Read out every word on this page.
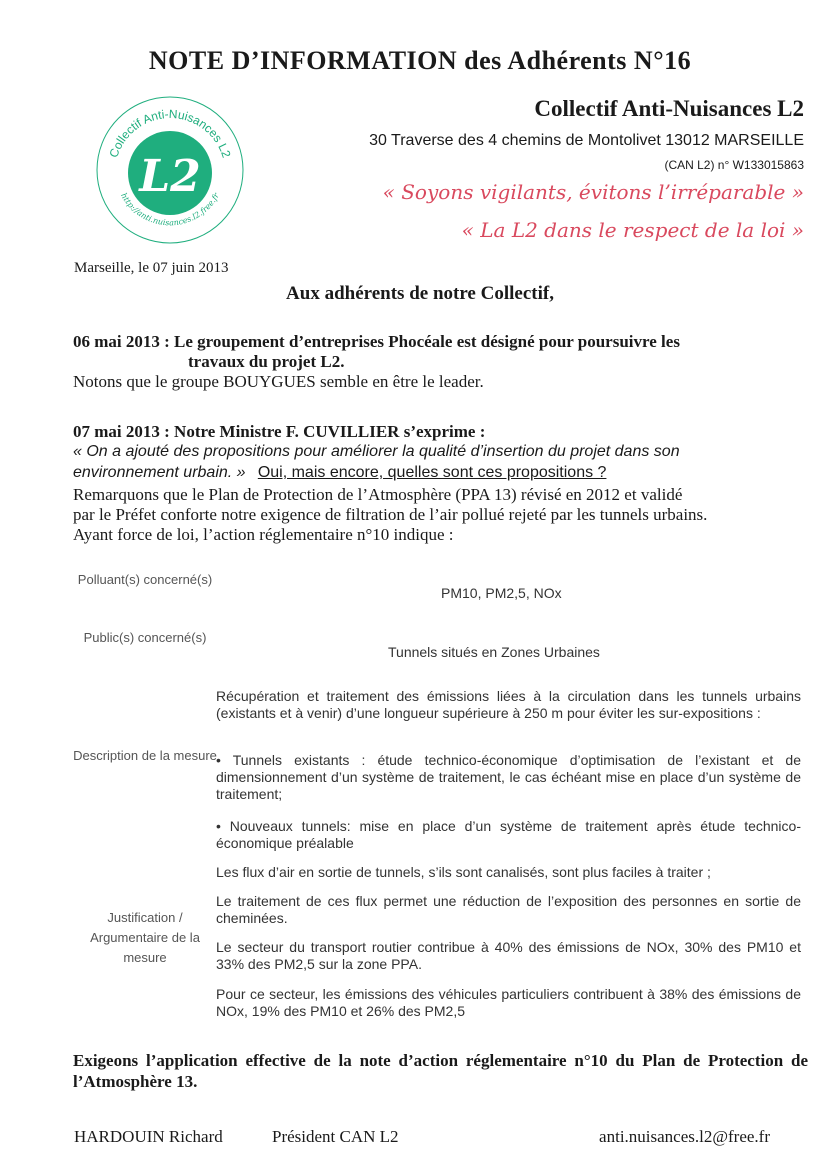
NOTE D’INFORMATION des Adhérents N°16
L2
Collectif Anti-Nuisances L2
http://anti.nuisances.l2.free.fr
Collectif Anti-Nuisances L2
30 Traverse des 4 chemins de Montolivet 13012 MARSEILLE
(CAN L2) n° W133015863
« Soyons vigilants, évitons l’irréparable »
« La L2 dans le respect de la loi »
Marseille, le 07 juin 2013
Aux adhérents de notre Collectif,
06 mai 2013 : Le groupement d’entreprises Phocéale est désigné pour poursuivre les
travaux du projet L2.
Notons que le groupe BOUYGUES semble en être le leader.
07 mai 2013 : Notre Ministre F. CUVILLIER s’exprime :
« On a ajouté des propositions pour améliorer la qualité d’insertion du projet dans son
environnement urbain. » Oui, mais encore, quelles sont ces propositions ?
Remarquons que le Plan de Protection de l’Atmosphère (PPA 13) révisé en 2012 et validé
par le Préfet conforte notre exigence de filtration de l’air pollué rejeté par les tunnels urbains.
Ayant force de loi, l’action réglementaire n°10 indique :
Polluant(s) concerné(s)
PM10, PM2,5, NOx
Public(s) concerné(s)
Tunnels situés en Zones Urbaines
Description de la mesure
Récupération et traitement des émissions liées à la circulation dans les tunnels urbains (existants et à venir) d’une longueur supérieure à 250 m pour éviter les sur-expositions :
• Tunnels existants : étude technico-économique d’optimisation de l’existant et de dimensionnement d’un système de traitement, le cas échéant mise en place d’un système de traitement;
• Nouveaux tunnels: mise en place d’un système de traitement après étude technico-économique préalable
Justification / Argumentaire de la mesure
Les flux d’air en sortie de tunnels, s’ils sont canalisés, sont plus faciles à traiter ;
Le traitement de ces flux permet une réduction de l’exposition des personnes en sortie de cheminées.
Le secteur du transport routier contribue à 40% des émissions de NOx, 30% des PM10 et 33% des PM2,5 sur la zone PPA.
Pour ce secteur, les émissions des véhicules particuliers contribuent à 38% des émissions de NOx, 19% des PM10 et 26% des PM2,5
Exigeons l’application effective de la note d’action réglementaire n°10 du Plan de Protection de l’Atmosphère 13.
HARDOUIN Richard	Président CAN L2	anti.nuisances.l2@free.fr
